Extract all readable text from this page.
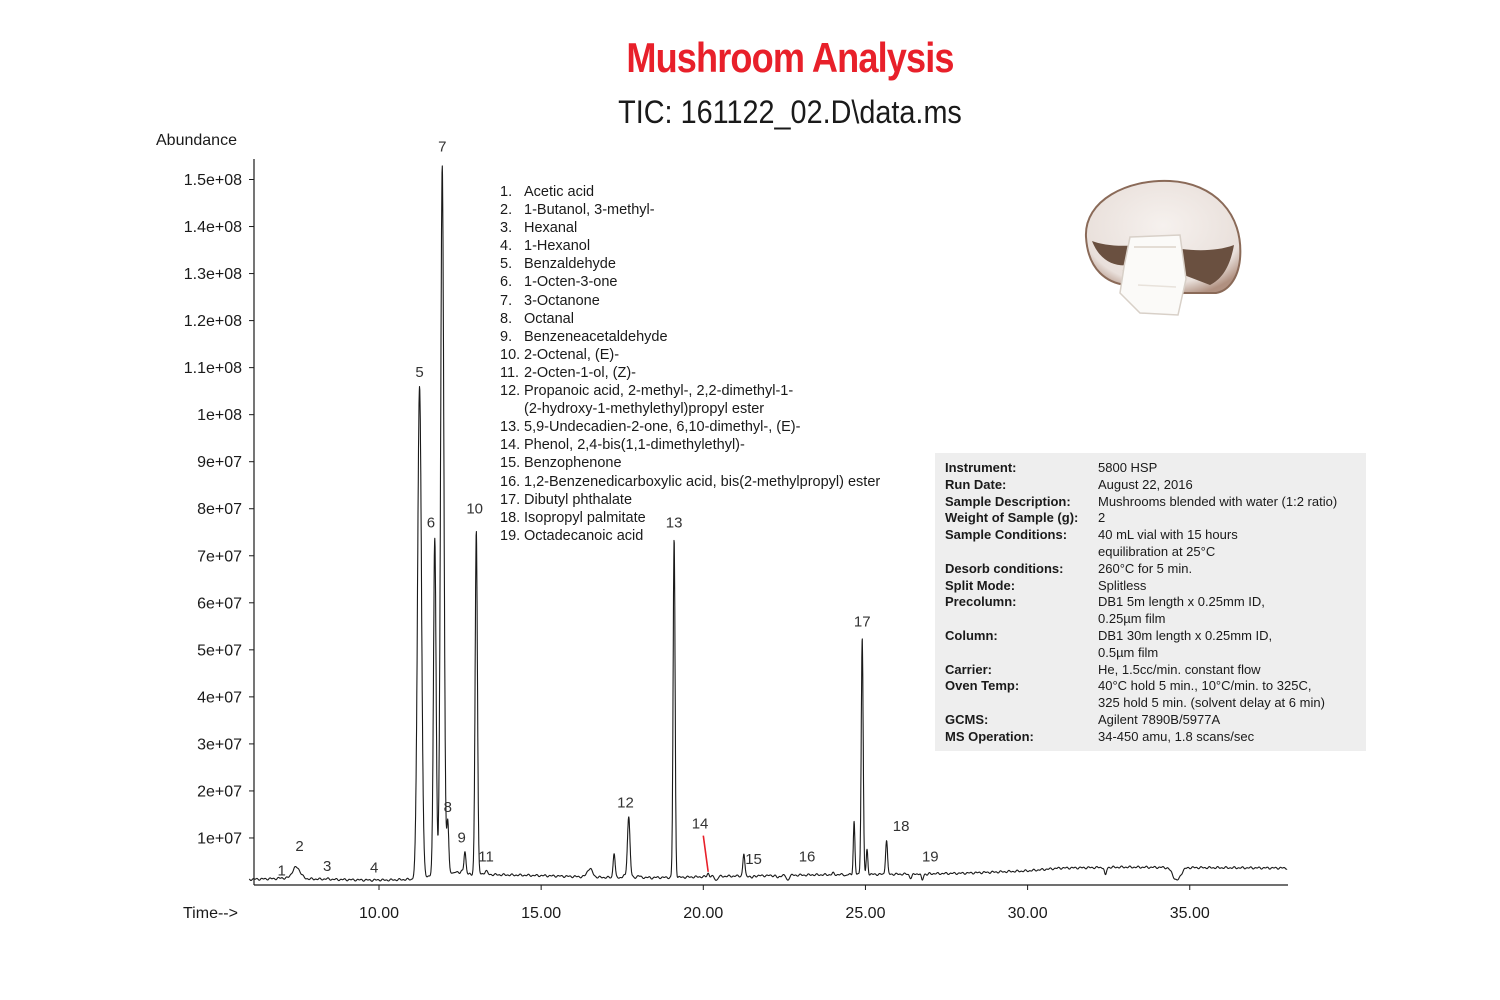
Mushroom Analysis
TIC: 161122_02.D\data.ms
1e+07
2e+07
3e+07
4e+07
5e+07
6e+07
7e+07
8e+07
9e+07
1e+08
1.1e+08
1.2e+08
1.3e+08
1.4e+08
1.5e+08
10.00	15.00	20.00	25.00	30.00	35.00
1
2
3	4
5
6
7
8
9
10
11
12
13
14
15 16
17
18
19
Abundance
Time-->
1. Acetic acid
2. 1-Butanol, 3-methyl-
3. Hexanal
4. 1-Hexanol
5. Benzaldehyde
6. 1-Octen-3-one
7. 3-Octanone
8. Octanal
9. Benzeneacetaldehyde
10. 2-Octenal, (E)-
11. 2-Octen-1-ol, (Z)-
12. Propanoic acid, 2-methyl-, 2,2-dimethyl-1-
(2-hydroxy-1-methylethyl)propyl ester
13. 5,9-Undecadien-2-one, 6,10-dimethyl-, (E)-
14. Phenol, 2,4-bis(1,1-dimethylethyl)-
15. Benzophenone
16. 1,2-Benzenedicarboxylic acid, bis(2-methylpropyl) ester
17. Dibutyl phthalate
18. Isopropyl palmitate
19. Octadecanoic acid
Instrument:	5800 HSP
Run Date:	August 22, 2016
Sample Description:	Mushrooms blended with water (1:2 ratio)
Weight of Sample (g):	2
Sample Conditions:	40 mL vial with 15 hours
equilibration at 25°C
Desorb conditions:	260°C for 5 min.
Split Mode:	Splitless
Precolumn:	DB1 5m length x 0.25mm ID,
0.25µm film
Column:	DB1 30m length x 0.25mm ID,
0.5µm film
Carrier:	He, 1.5cc/min. constant flow
Oven Temp:	40°C hold 5 min., 10°C/min. to 325C,
325 hold 5 min. (solvent delay at 6 min)
GCMS:	Agilent 7890B/5977A
MS Operation:	34-450 amu, 1.8 scans/sec
